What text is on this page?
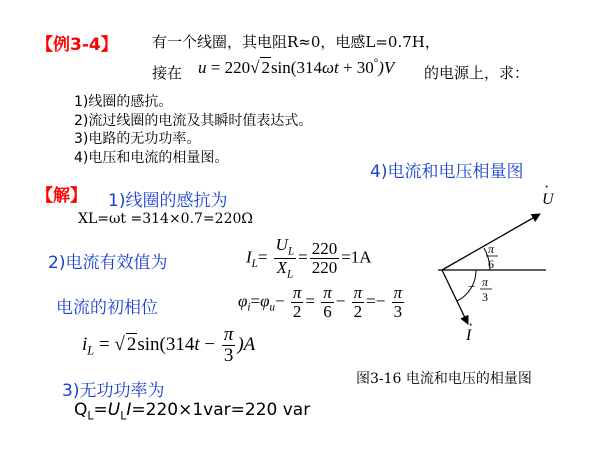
【例3-4】 有一个线圈，其电阻R≈0，电感L=0.7H，
接在 u = 220√ 2sin(314ωt + 30°)V 的电源上，求：
1)线圈的感抗。
2)流过线圈的电流及其瞬时值表达式。
3)电路的无功功率。
4)电压和电流的相量图。
【解】 1)线圈的感抗为
XL=ωt =314×0.7=220Ω
2)电流有效值为	$I_L= \frac{U_L}{X_L} = \frac{220}{220} =1A$
电流的初相位	$\varphi_i=\varphi_u- \frac{\pi}{2} = \frac{\pi}{6} - \frac{\pi}{2} =- \frac{\pi}{3}$
$i_L$ = √ $2\sin(314t - \frac{\pi}{3} )A$
3)无功功率为
$Q_L=U_LI=220\times 1var=220$ var
4)电流和电压相量图
U
·
I
·
π
6
− π
3
图3-16 电流和电压的相量图
